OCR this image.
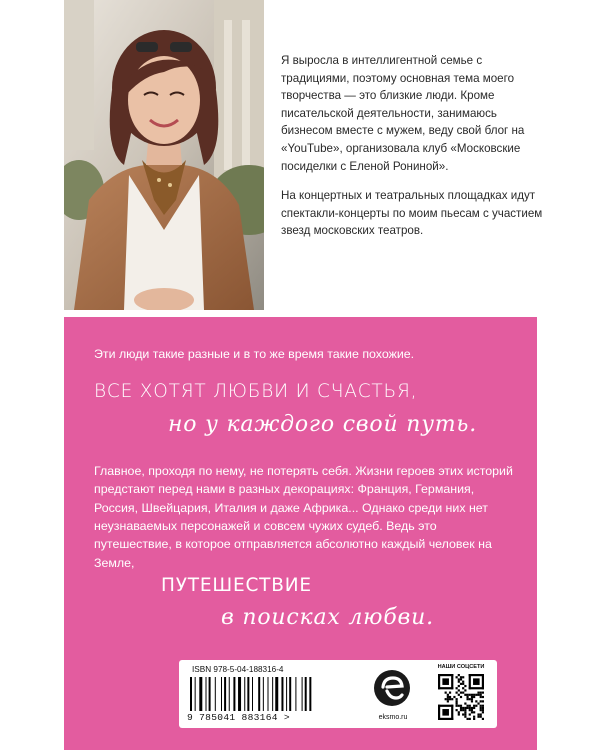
Я выросла в интеллигентной семье с традициями, поэтому основная тема моего творчества — это близкие люди. Кроме писательской деятельности, занимаюсь бизнесом вместе с мужем, веду свой блог на «YouTube», организовала клуб «Московские посиделки с Еленой Рониной».

На концертных и театральных площадках идут спектакли-концерты по моим пьесам с участием звезд московских театров.

Эти люди такие разные и в то же время такие похожие.
ВСЕ ХОТЯТ ЛЮБВИ И СЧАСТЬЯ,
но у каждого свой путь.
Главное, проходя по нему, не потерять себя. Жизни героев этих историй предстают перед нами в разных декорациях: Франция, Германия, Россия, Швейцария, Италия и даже Африка... Однако среди них нет неузнаваемых персонажей и совсем чужих судеб. Ведь это путешествие, в которое отправляется абсолютно каждый человек на Земле,
ПУТЕШЕСТВИЕ
в поисках любви.
ISBN 978-5-04-188316-4
9 785041 883164 >	eksmo.ru
НАШИ СОЦСЕТИ
